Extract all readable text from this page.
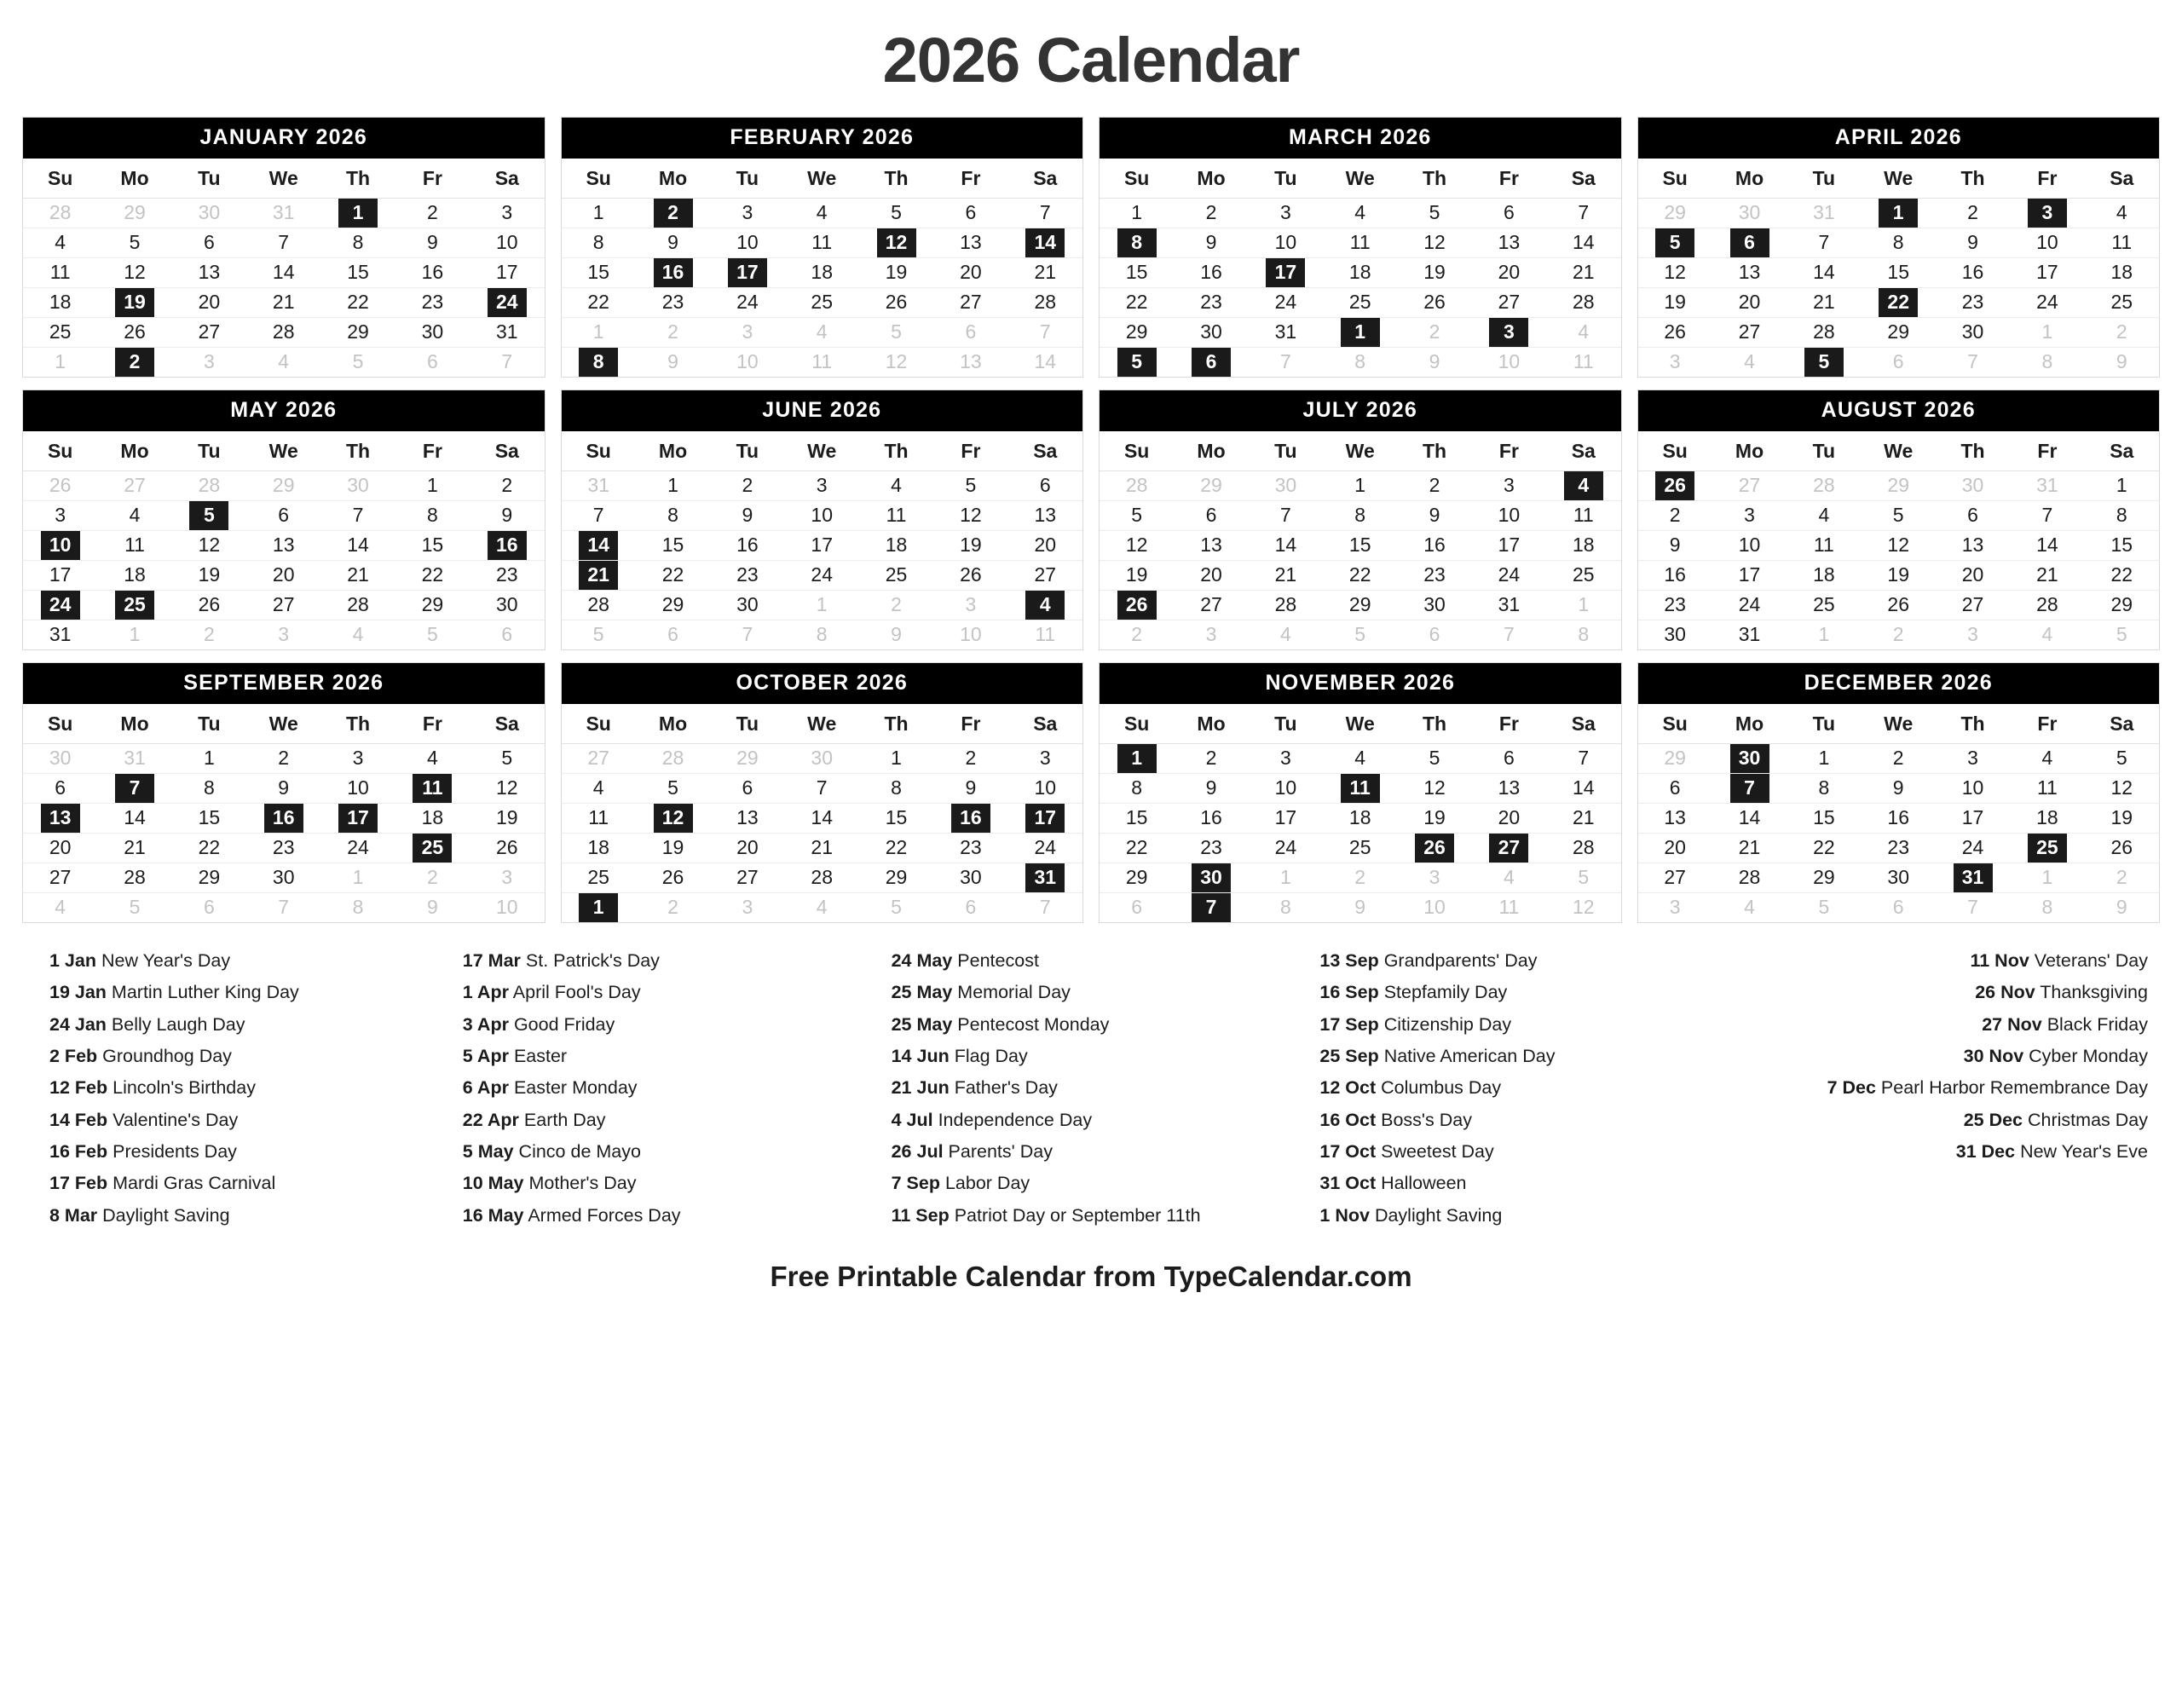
2026 Calendar
JANUARY 2026
Su	Mo	Tu	We	Th	Fr	Sa

28	29	30	31	1	2	3

4	5	6	7	8	9	10

11	12	13	14	15	16	17

18	19	20	21	22	23	24

25	26	27	28	29	30	31

1	2	3	4	5	6	7
FEBRUARY 2026
Su	Mo	Tu	We	Th	Fr	Sa

1	2	3	4	5	6	7

8	9	10	11	12	13	14

15	16	17	18	19	20	21

22	23	24	25	26	27	28

1	2	3	4	5	6	7

8	9	10	11	12	13	14
MARCH 2026
Su	Mo	Tu	We	Th	Fr	Sa

1	2	3	4	5	6	7

8	9	10	11	12	13	14

15	16	17	18	19	20	21

22	23	24	25	26	27	28

29	30	31	1	2	3	4

5	6	7	8	9	10	11
APRIL 2026
Su	Mo	Tu	We	Th	Fr	Sa

29	30	31	1	2	3	4

5	6	7	8	9	10	11

12	13	14	15	16	17	18

19	20	21	22	23	24	25

26	27	28	29	30	1	2

3	4	5	6	7	8	9
MAY 2026
Su	Mo	Tu	We	Th	Fr	Sa

26	27	28	29	30	1	2

3	4	5	6	7	8	9

10	11	12	13	14	15	16

17	18	19	20	21	22	23

24	25	26	27	28	29	30

31	1	2	3	4	5	6
JUNE 2026
Su	Mo	Tu	We	Th	Fr	Sa

31	1	2	3	4	5	6

7	8	9	10	11	12	13

14	15	16	17	18	19	20

21	22	23	24	25	26	27

28	29	30	1	2	3	4

5	6	7	8	9	10	11
JULY 2026
Su	Mo	Tu	We	Th	Fr	Sa

28	29	30	1	2	3	4

5	6	7	8	9	10	11

12	13	14	15	16	17	18

19	20	21	22	23	24	25

26	27	28	29	30	31	1

2	3	4	5	6	7	8
AUGUST 2026
Su	Mo	Tu	We	Th	Fr	Sa

26	27	28	29	30	31	1

2	3	4	5	6	7	8

9	10	11	12	13	14	15

16	17	18	19	20	21	22

23	24	25	26	27	28	29

30	31	1	2	3	4	5
SEPTEMBER 2026
Su	Mo	Tu	We	Th	Fr	Sa

30	31	1	2	3	4	5

6	7	8	9	10	11	12

13	14	15	16	17	18	19

20	21	22	23	24	25	26

27	28	29	30	1	2	3

4	5	6	7	8	9	10
OCTOBER 2026
Su	Mo	Tu	We	Th	Fr	Sa

27	28	29	30	1	2	3

4	5	6	7	8	9	10

11	12	13	14	15	16	17

18	19	20	21	22	23	24

25	26	27	28	29	30	31

1	2	3	4	5	6	7
NOVEMBER 2026
Su	Mo	Tu	We	Th	Fr	Sa

1	2	3	4	5	6	7

8	9	10	11	12	13	14

15	16	17	18	19	20	21

22	23	24	25	26	27	28

29	30	1	2	3	4	5

6	7	8	9	10	11	12
DECEMBER 2026
Su	Mo	Tu	We	Th	Fr	Sa

29	30	1	2	3	4	5

6	7	8	9	10	11	12

13	14	15	16	17	18	19

20	21	22	23	24	25	26

27	28	29	30	31	1	2

3	4	5	6	7	8	9
1 Jan New Year's Day
19 Jan Martin Luther King Day
24 Jan Belly Laugh Day
2 Feb Groundhog Day
12 Feb Lincoln's Birthday
14 Feb Valentine's Day
16 Feb Presidents Day
17 Feb Mardi Gras Carnival
8 Mar Daylight Saving
17 Mar St. Patrick's Day
1 Apr April Fool's Day
3 Apr Good Friday
5 Apr Easter
6 Apr Easter Monday
22 Apr Earth Day
5 May Cinco de Mayo
10 May Mother's Day
16 May Armed Forces Day
24 May Pentecost
25 May Memorial Day
25 May Pentecost Monday
14 Jun Flag Day
21 Jun Father's Day
4 Jul Independence Day
26 Jul Parents' Day
7 Sep Labor Day
11 Sep Patriot Day or September 11th
13 Sep Grandparents' Day
16 Sep Stepfamily Day
17 Sep Citizenship Day
25 Sep Native American Day
12 Oct Columbus Day
16 Oct Boss's Day
17 Oct Sweetest Day
31 Oct Halloween
1 Nov Daylight Saving
11 Nov Veterans' Day
26 Nov Thanksgiving
27 Nov Black Friday
30 Nov Cyber Monday
7 Dec Pearl Harbor Remembrance Day
25 Dec Christmas Day
31 Dec New Year's Eve
Free Printable Calendar from TypeCalendar.com
